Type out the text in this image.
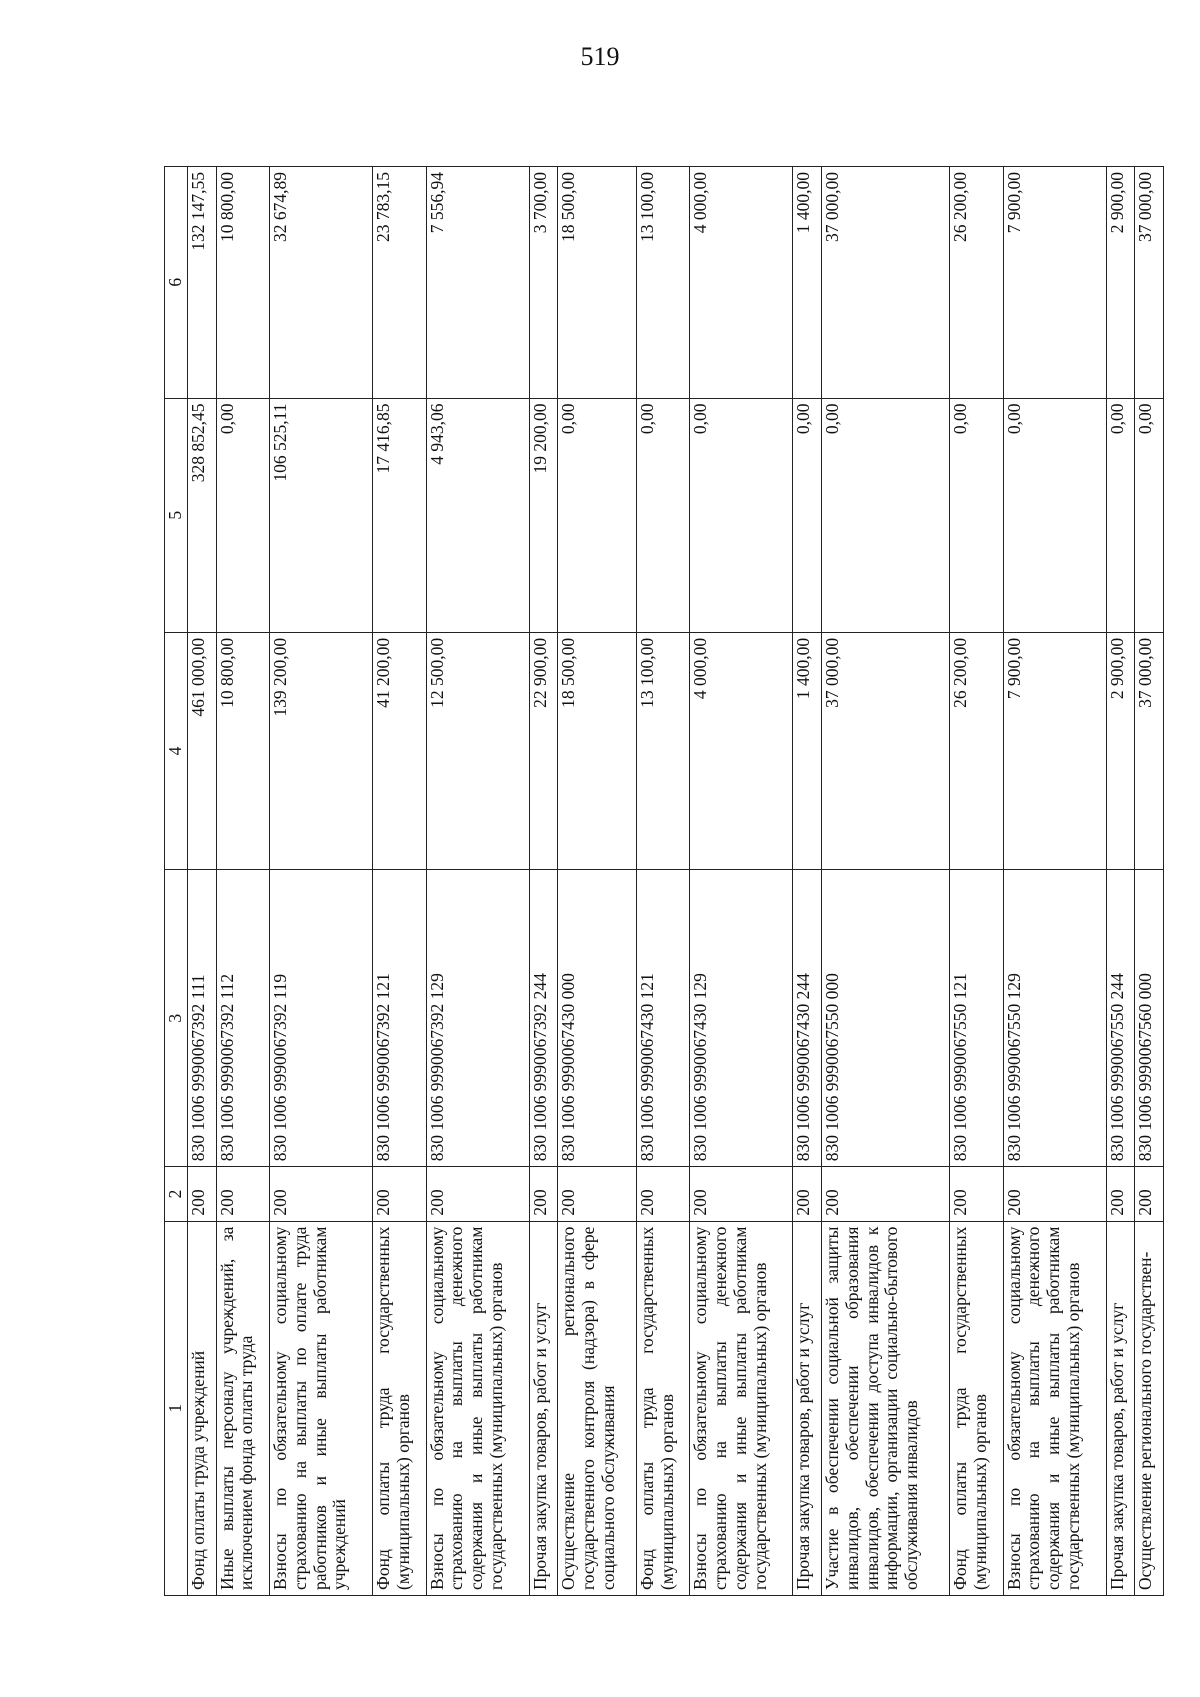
519
1	2	3	4	5	6
Фонд оплаты труда учреждений	200	830 1006 9990067392 111	461 000,00	328 852,45	132 147,55
Иные выплаты персоналу учреждений, за исключением фонда оплаты труда	200	830 1006 9990067392 112	10 800,00	0,00	10 800,00
Взносы по обязательному социальному страхованию на выплаты по оплате труда работников и иные выплаты работникам учреждений	200	830 1006 9990067392 119	139 200,00	106 525,11	32 674,89
Фонд оплаты труда государственных (муниципальных) органов	200	830 1006 9990067392 121	41 200,00	17 416,85	23 783,15
Взносы по обязательному социальному страхованию на выплаты денежного содержания и иные выплаты работникам государственных (муниципальных) органов	200	830 1006 9990067392 129	12 500,00	4 943,06	7 556,94
Прочая закупка товаров, работ и услуг	200	830 1006 9990067392 244	22 900,00	19 200,00	3 700,00
Осуществление регионального государственного контроля (надзора) в сфере социального обслуживания	200	830 1006 9990067430 000	18 500,00	0,00	18 500,00
Фонд оплаты труда государственных (муниципальных) органов	200	830 1006 9990067430 121	13 100,00	0,00	13 100,00
Взносы по обязательному социальному страхованию на выплаты денежного содержания и иные выплаты работникам государственных (муниципальных) органов	200	830 1006 9990067430 129	4 000,00	0,00	4 000,00
Прочая закупка товаров, работ и услуг	200	830 1006 9990067430 244	1 400,00	0,00	1 400,00
Участие в обеспечении социальной защиты инвалидов, обеспечении образования инвалидов, обеспечении доступа инвалидов к информации, организации социально-бытового обслуживания инвалидов	200	830 1006 9990067550 000	37 000,00	0,00	37 000,00
Фонд оплаты труда государственных (муниципальных) органов	200	830 1006 9990067550 121	26 200,00	0,00	26 200,00
Взносы по обязательному социальному страхованию на выплаты денежного содержания и иные выплаты работникам государственных (муниципальных) органов	200	830 1006 9990067550 129	7 900,00	0,00	7 900,00
Прочая закупка товаров, работ и услуг	200	830 1006 9990067550 244	2 900,00	0,00	2 900,00
Осуществление регионального государствен-	200	830 1006 9990067560 000	37 000,00	0,00	37 000,00
